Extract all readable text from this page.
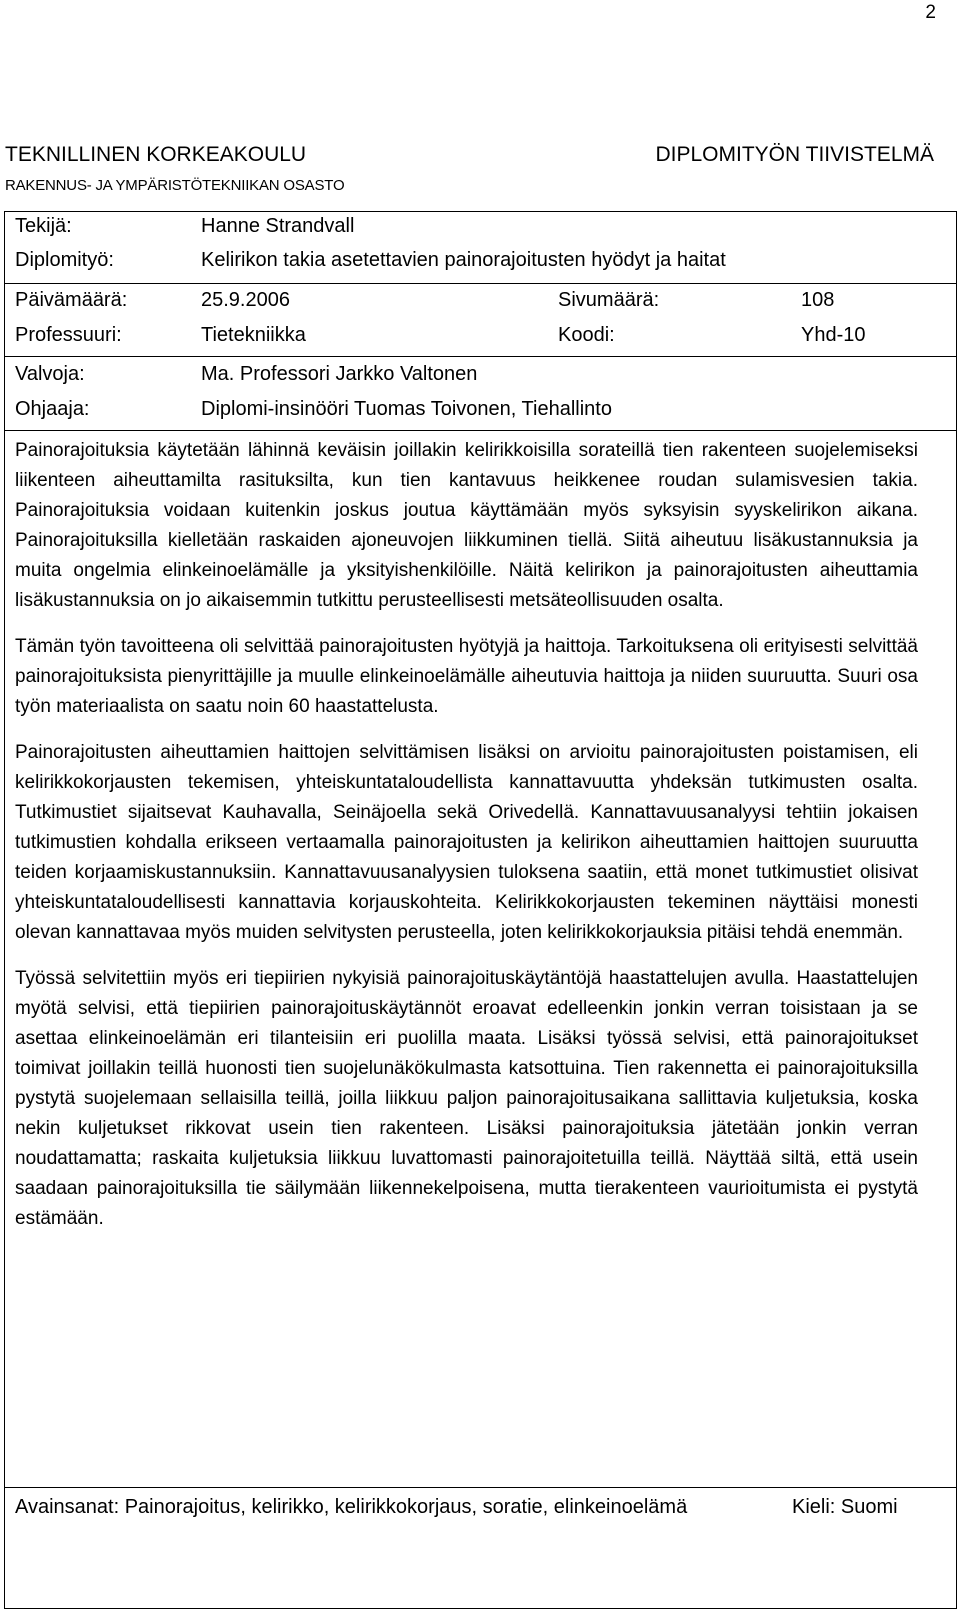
2
TEKNILLINEN KORKEAKOULU
RAKENNUS- JA YMPÄRISTÖTEKNIIKAN OSASTO
DIPLOMITYÖN TIIVISTELMÄ
Tekijä:	Hanne Strandvall
Diplomityö:	Kelirikon takia asetettavien painorajoitusten hyödyt ja haitat
Päivämäärä:	25.9.2006	Sivumäärä:	108
Professuuri:	Tietekniikka	Koodi:	Yhd-10
Valvoja:	Ma. Professori Jarkko Valtonen
Ohjaaja:	Diplomi-insinööri Tuomas Toivonen, Tiehallinto

Painorajoituksia käytetään lähinnä keväisin joillakin kelirikkoisilla sorateillä tien rakenteen suojelemiseksi liikenteen aiheuttamilta rasituksilta, kun tien kantavuus heikkenee roudan sulamisvesien takia. Painorajoituksia voidaan kuitenkin joskus joutua käyttämään myös syksyisin syyskelirikon aikana. Painorajoituksilla kielletään raskaiden ajoneuvojen liikkuminen tiellä. Siitä aiheutuu lisäkustannuksia ja muita ongelmia elinkeinoelämälle ja yksityishenkilöille. Näitä kelirikon ja painorajoitusten aiheuttamia lisäkustannuksia on jo aikaisemmin tutkittu perusteellisesti metsäteollisuuden osalta.

Tämän työn tavoitteena oli selvittää painorajoitusten hyötyjä ja haittoja. Tarkoituksena oli erityisesti selvittää painorajoituksista pienyrittäjille ja muulle elinkeinoelämälle aiheutuvia haittoja ja niiden suuruutta. Suuri osa työn materiaalista on saatu noin 60 haastattelusta.

Painorajoitusten aiheuttamien haittojen selvittämisen lisäksi on arvioitu painorajoitusten poistamisen, eli kelirikkokorjausten tekemisen, yhteiskuntataloudellista kannattavuutta yhdeksän tutkimusten osalta. Tutkimustiet sijaitsevat Kauhavalla, Seinäjoella sekä Orivedellä. Kannattavuusanalyysi tehtiin jokaisen tutkimustien kohdalla erikseen vertaamalla painorajoitusten ja kelirikon aiheuttamien haittojen suuruutta teiden korjaamiskustannuksiin. Kannattavuusanalyysien tuloksena saatiin, että monet tutkimustiet olisivat yhteiskuntataloudellisesti kannattavia korjauskohteita. Kelirikkokorjausten tekeminen näyttäisi monesti olevan kannattavaa myös muiden selvitysten perusteella, joten kelirikkokorjauksia pitäisi tehdä enemmän.

Työssä selvitettiin myös eri tiepiirien nykyisiä painorajoituskäytäntöjä haastattelujen avulla. Haastattelujen myötä selvisi, että tiepiirien painorajoituskäytännöt eroavat edelleenkin jonkin verran toisistaan ja se asettaa elinkeinoelämän eri tilanteisiin eri puolilla maata. Lisäksi työssä selvisi, että painorajoitukset toimivat joillakin teillä huonosti tien suojelunäkökulmasta katsottuina. Tien rakennetta ei painorajoituksilla pystytä suojelemaan sellaisilla teillä, joilla liikkuu paljon painorajoitusaikana sallittavia kuljetuksia, koska nekin kuljetukset rikkovat usein tien rakenteen. Lisäksi painorajoituksia jätetään jonkin verran noudattamatta; raskaita kuljetuksia liikkuu luvattomasti painorajoitetuilla teillä. Näyttää siltä, että usein saadaan painorajoituksilla tie säilymään liikennekelpoisena, mutta tierakenteen vaurioitumista ei pystytä estämään.

Avainsanat: Painorajoitus, kelirikko, kelirikkokorjaus, soratie, elinkeinoelämä	Kieli: Suomi
